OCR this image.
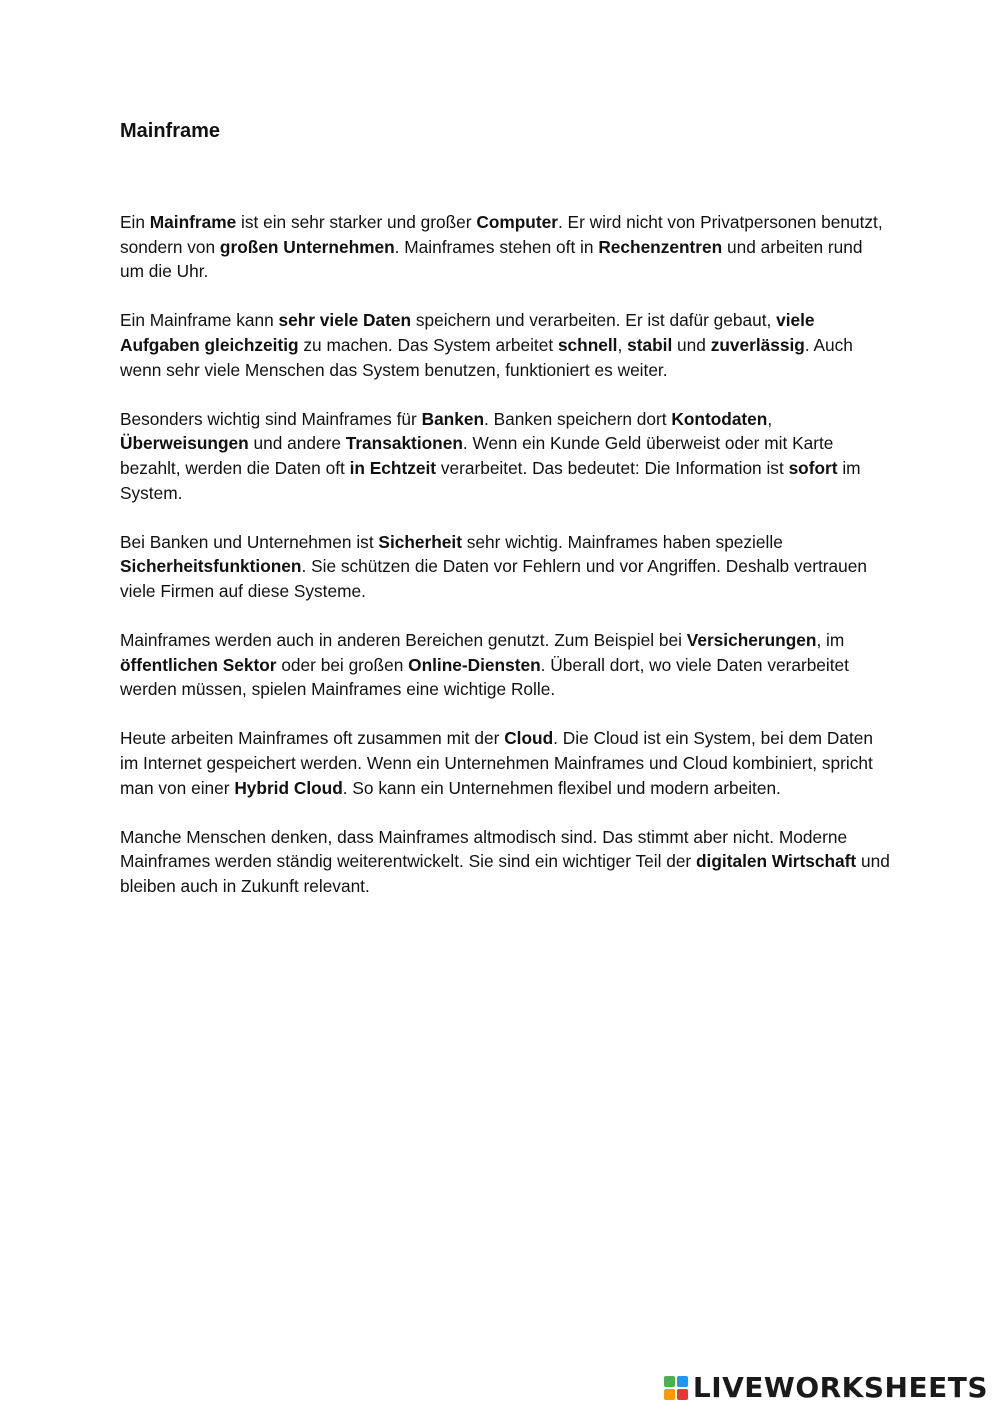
Mainframe

Ein Mainframe ist ein sehr starker und großer Computer. Er wird nicht von Privatpersonen benutzt, sondern von großen Unternehmen. Mainframes stehen oft in Rechenzentren und arbeiten rund um die Uhr.

Ein Mainframe kann sehr viele Daten speichern und verarbeiten. Er ist dafür gebaut, viele Aufgaben gleichzeitig zu machen. Das System arbeitet schnell, stabil und zuverlässig. Auch wenn sehr viele Menschen das System benutzen, funktioniert es weiter.

Besonders wichtig sind Mainframes für Banken. Banken speichern dort Kontodaten, Überweisungen und andere Transaktionen. Wenn ein Kunde Geld überweist oder mit Karte bezahlt, werden die Daten oft in Echtzeit verarbeitet. Das bedeutet: Die Information ist sofort im System.

Bei Banken und Unternehmen ist Sicherheit sehr wichtig. Mainframes haben spezielle Sicherheitsfunktionen. Sie schützen die Daten vor Fehlern und vor Angriffen. Deshalb vertrauen viele Firmen auf diese Systeme.

Mainframes werden auch in anderen Bereichen genutzt. Zum Beispiel bei Versicherungen, im öffentlichen Sektor oder bei großen Online-Diensten. Überall dort, wo viele Daten verarbeitet werden müssen, spielen Mainframes eine wichtige Rolle.

Heute arbeiten Mainframes oft zusammen mit der Cloud. Die Cloud ist ein System, bei dem Daten im Internet gespeichert werden. Wenn ein Unternehmen Mainframes und Cloud kombiniert, spricht man von einer Hybrid Cloud. So kann ein Unternehmen flexibel und modern arbeiten.

Manche Menschen denken, dass Mainframes altmodisch sind. Das stimmt aber nicht. Moderne Mainframes werden ständig weiterentwickelt. Sie sind ein wichtiger Teil der digitalen Wirtschaft und bleiben auch in Zukunft relevant.

LIVEWORKSHEETS
